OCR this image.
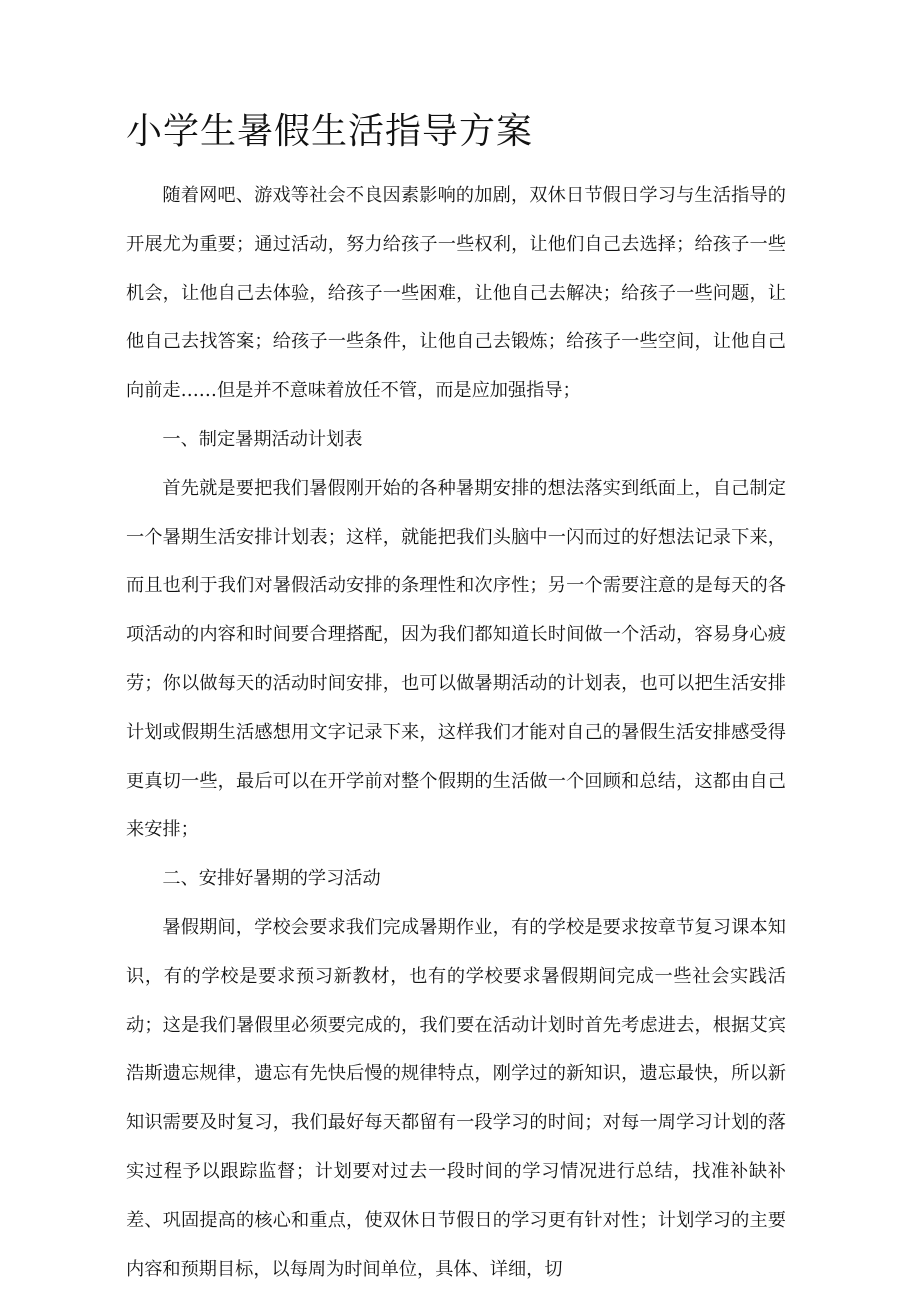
小学生暑假生活指导方案

随着网吧、游戏等社会不良因素影响的加剧，双休日节假日学习与生活指导的开展尤为重要；通过活动，努力给孩子一些权利，让他们自己去选择；给孩子一些机会，让他自己去体验，给孩子一些困难，让他自己去解决；给孩子一些问题，让他自己去找答案；给孩子一些条件，让他自己去锻炼；给孩子一些空间，让他自己向前走……但是并不意味着放任不管，而是应加强指导；

一、制定暑期活动计划表

首先就是要把我们暑假刚开始的各种暑期安排的想法落实到纸面上，自己制定一个暑期生活安排计划表；这样，就能把我们头脑中一闪而过的好想法记录下来，而且也利于我们对暑假活动安排的条理性和次序性；另一个需要注意的是每天的各项活动的内容和时间要合理搭配，因为我们都知道长时间做一个活动，容易身心疲劳；你以做每天的活动时间安排，也可以做暑期活动的计划表，也可以把生活安排计划或假期生活感想用文字记录下来，这样我们才能对自己的暑假生活安排感受得更真切一些，最后可以在开学前对整个假期的生活做一个回顾和总结，这都由自己来安排；

二、安排好暑期的学习活动

暑假期间，学校会要求我们完成暑期作业，有的学校是要求按章节复习课本知识，有的学校是要求预习新教材，也有的学校要求暑假期间完成一些社会实践活动；这是我们暑假里必须要完成的，我们要在活动计划时首先考虑进去，根据艾宾浩斯遗忘规律，遗忘有先快后慢的规律特点，刚学过的新知识，遗忘最快，所以新知识需要及时复习，我们最好每天都留有一段学习的时间；对每一周学习计划的落实过程予以跟踪监督；计划要对过去一段时间的学习情况进行总结，找准补缺补差、巩固提高的核心和重点，使双休日节假日的学习更有针对性；计划学习的主要内容和预期目标，以每周为时间单位，具体、详细，切
